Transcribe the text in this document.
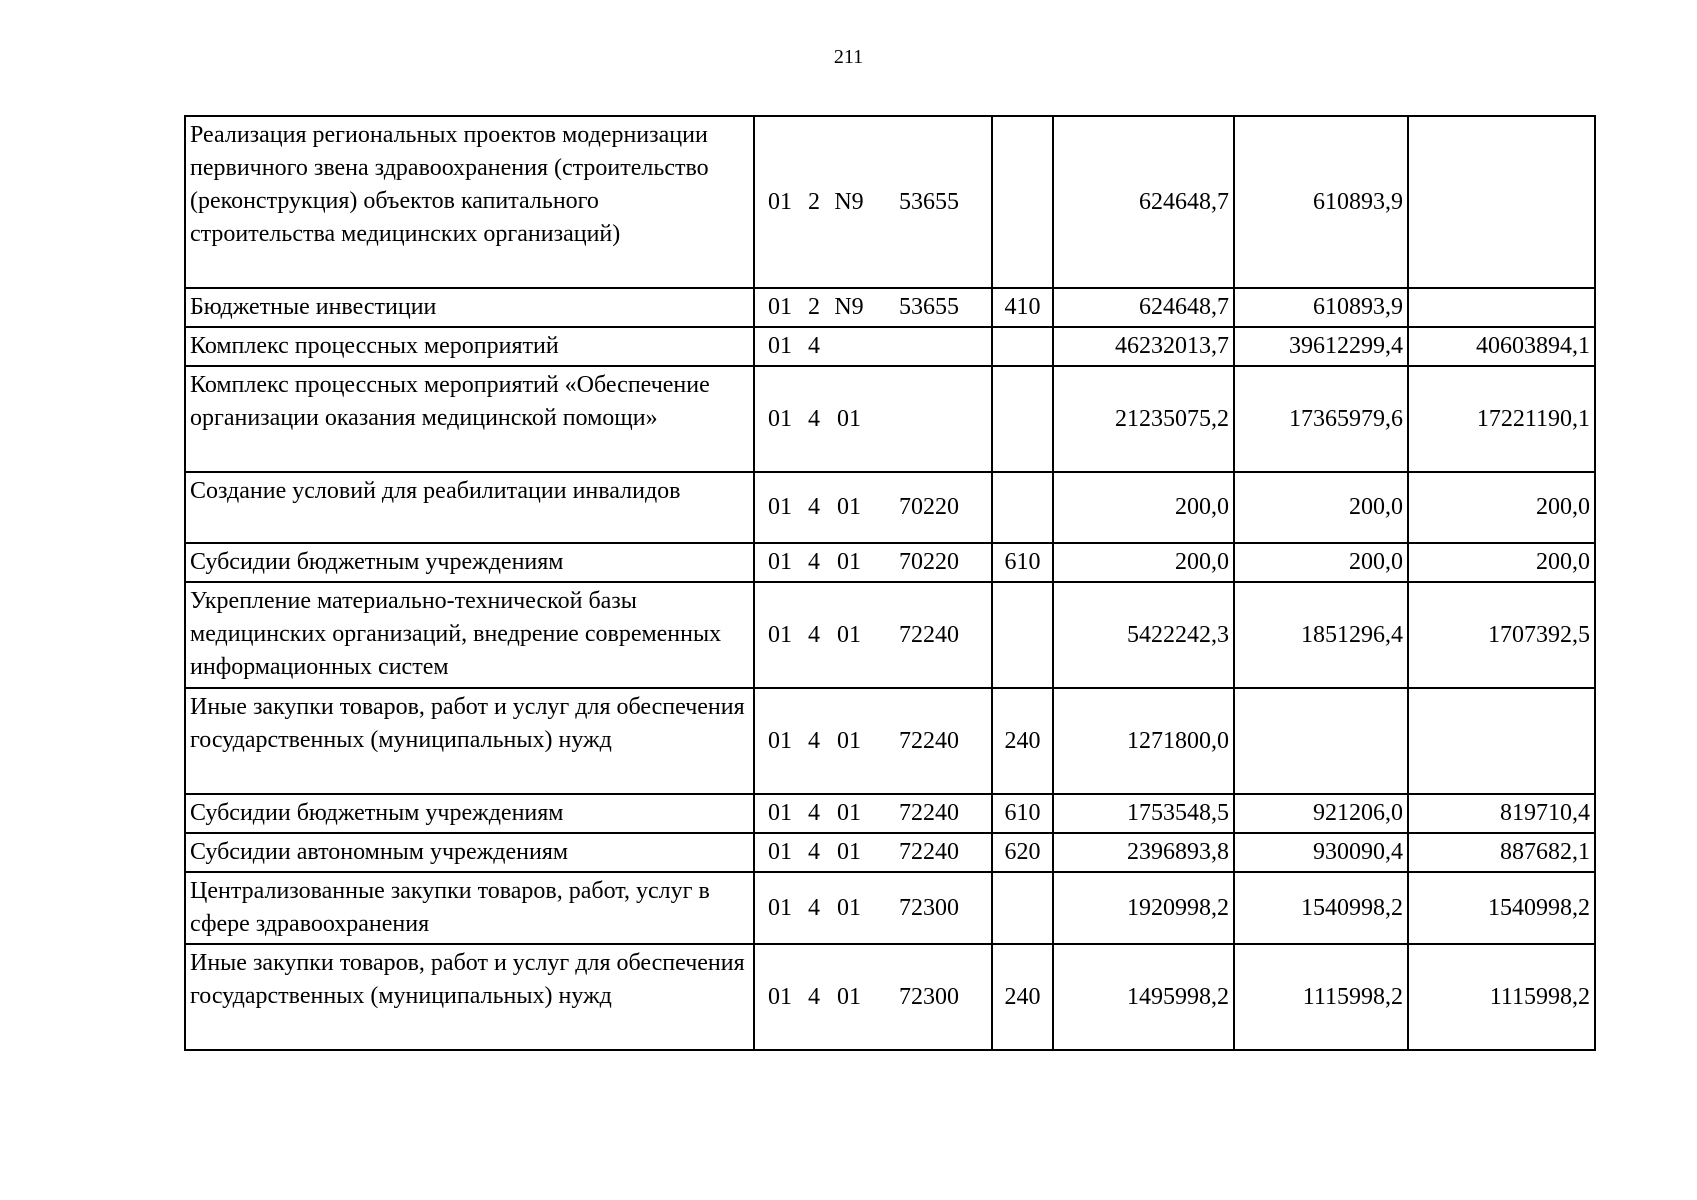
211
Реализация региональных проектов модернизации первичного звена здравоохранения (строительство (реконструкция) объектов капитального строительства медицинских организаций)	01 2 N9 53655		624648,7	610893,9	
Бюджетные инвестиции	01 2 N9 53655	410	624648,7	610893,9	
Комплекс процессных мероприятий	01 4		46232013,7	39612299,4	40603894,1
Комплекс процессных мероприятий «Обеспечение организации оказания медицинской помощи»	01 4 01		21235075,2	17365979,6	17221190,1
Создание условий для реабилитации инвалидов	01 4 01 70220		200,0	200,0	200,0
Субсидии бюджетным учреждениям	01 4 01 70220	610	200,0	200,0	200,0
Укрепление материально-технической базы медицинских организаций, внедрение современных информационных систем	01 4 01 72240		5422242,3	1851296,4	1707392,5
Иные закупки товаров, работ и услуг для обеспечения государственных (муниципальных) нужд	01 4 01 72240	240	1271800,0		
Субсидии бюджетным учреждениям	01 4 01 72240	610	1753548,5	921206,0	819710,4
Субсидии автономным учреждениям	01 4 01 72240	620	2396893,8	930090,4	887682,1
Централизованные закупки товаров, работ, услуг в сфере здравоохранения	01 4 01 72300		1920998,2	1540998,2	1540998,2
Иные закупки товаров, работ и услуг для обеспечения государственных (муниципальных) нужд	01 4 01 72300	240	1495998,2	1115998,2	1115998,2
